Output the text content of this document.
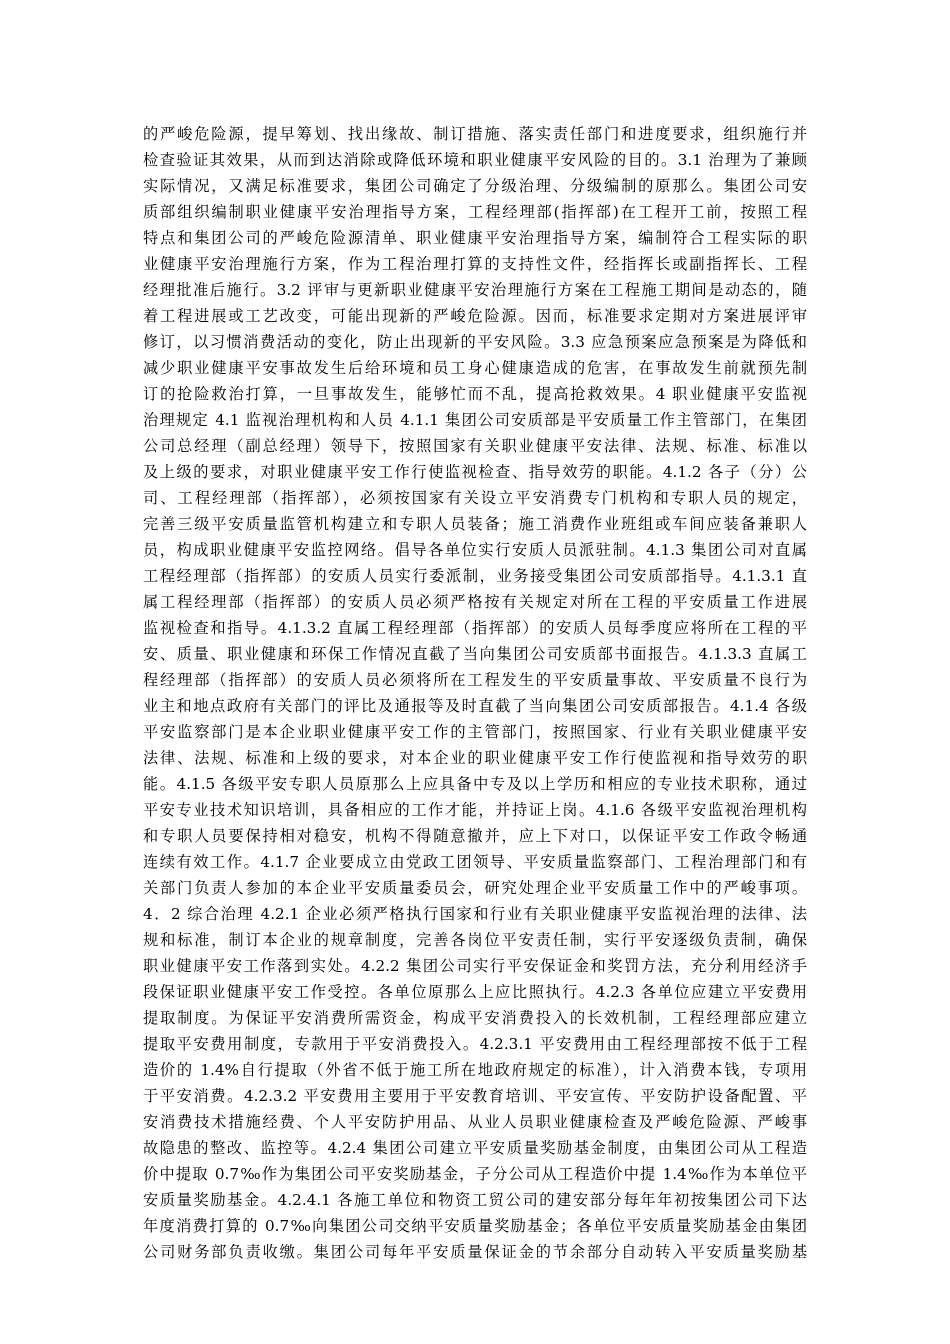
的严峻危险源，提早筹划、找出缘故、制订措施、落实责任部门和进度要求，组织施行并
检查验证其效果，从而到达消除或降低环境和职业健康平安风险的目的。3.1 治理为了兼顾
实际情况，又满足标准要求，集团公司确定了分级治理、分级编制的原那么。集团公司安
质部组织编制职业健康平安治理指导方案，工程经理部(指挥部)在工程开工前，按照工程
特点和集团公司的严峻危险源清单、职业健康平安治理指导方案，编制符合工程实际的职
业健康平安治理施行方案，作为工程治理打算的支持性文件，经指挥长或副指挥长、工程
经理批准后施行。3.2 评审与更新职业健康平安治理施行方案在工程施工期间是动态的，随
着工程进展或工艺改变，可能出现新的严峻危险源。因而，标准要求定期对方案进展评审
修订，以习惯消费活动的变化，防止出现新的平安风险。3.3 应急预案应急预案是为降低和
减少职业健康平安事故发生后给环境和员工身心健康造成的危害，在事故发生前就预先制
订的抢险救治打算，一旦事故发生，能够忙而不乱，提高抢救效果。4 职业健康平安监视
治理规定 4.1 监视治理机构和人员 4.1.1 集团公司安质部是平安质量工作主管部门，在集团
公司总经理（副总经理）领导下，按照国家有关职业健康平安法律、法规、标准、标准以
及上级的要求，对职业健康平安工作行使监视检查、指导效劳的职能。4.1.2 各子（分）公
司、工程经理部（指挥部），必须按国家有关设立平安消费专门机构和专职人员的规定，
完善三级平安质量监管机构建立和专职人员装备；施工消费作业班组或车间应装备兼职人
员，构成职业健康平安监控网络。倡导各单位实行安质人员派驻制。4.1.3 集团公司对直属
工程经理部（指挥部）的安质人员实行委派制，业务接受集团公司安质部指导。4.1.3.1 直
属工程经理部（指挥部）的安质人员必须严格按有关规定对所在工程的平安质量工作进展
监视检查和指导。4.1.3.2 直属工程经理部（指挥部）的安质人员每季度应将所在工程的平
安、质量、职业健康和环保工作情况直截了当向集团公司安质部书面报告。4.1.3.3 直属工
程经理部（指挥部）的安质人员必须将所在工程发生的平安质量事故、平安质量不良行为
业主和地点政府有关部门的评比及通报等及时直截了当向集团公司安质部报告。4.1.4 各级
平安监察部门是本企业职业健康平安工作的主管部门，按照国家、行业有关职业健康平安
法律、法规、标准和上级的要求，对本企业的职业健康平安工作行使监视和指导效劳的职
能。4.1.5 各级平安专职人员原那么上应具备中专及以上学历和相应的专业技术职称，通过
平安专业技术知识培训，具备相应的工作才能，并持证上岗。4.1.6 各级平安监视治理机构
和专职人员要保持相对稳安，机构不得随意撤并，应上下对口，以保证平安工作政令畅通
连续有效工作。4.1.7 企业要成立由党政工团领导、平安质量监察部门、工程治理部门和有
关部门负责人参加的本企业平安质量委员会，研究处理企业平安质量工作中的严峻事项。
4．2 综合治理 4.2.1 企业必须严格执行国家和行业有关职业健康平安监视治理的法律、法
规和标准，制订本企业的规章制度，完善各岗位平安责任制，实行平安逐级负责制，确保
职业健康平安工作落到实处。4.2.2 集团公司实行平安保证金和奖罚方法，充分利用经济手
段保证职业健康平安工作受控。各单位原那么上应比照执行。4.2.3 各单位应建立平安费用
提取制度。为保证平安消费所需资金，构成平安消费投入的长效机制，工程经理部应建立
提取平安费用制度，专款用于平安消费投入。4.2.3.1 平安费用由工程经理部按不低于工程
造价的 1.4%自行提取（外省不低于施工所在地政府规定的标准），计入消费本钱，专项用
于平安消费。4.2.3.2 平安费用主要用于平安教育培训、平安宣传、平安防护设备配置、平
安消费技术措施经费、个人平安防护用品、从业人员职业健康检查及严峻危险源、严峻事
故隐患的整改、监控等。4.2.4 集团公司建立平安质量奖励基金制度，由集团公司从工程造
价中提取 0.7‰作为集团公司平安奖励基金，子分公司从工程造价中提 1.4‰作为本单位平
安质量奖励基金。4.2.4.1 各施工单位和物资工贸公司的建安部分每年年初按集团公司下达
年度消费打算的 0.7‰向集团公司交纳平安质量奖励基金；各单位平安质量奖励基金由集团
公司财务部负责收缴。集团公司每年平安质量保证金的节余部分自动转入平安质量奖励基
